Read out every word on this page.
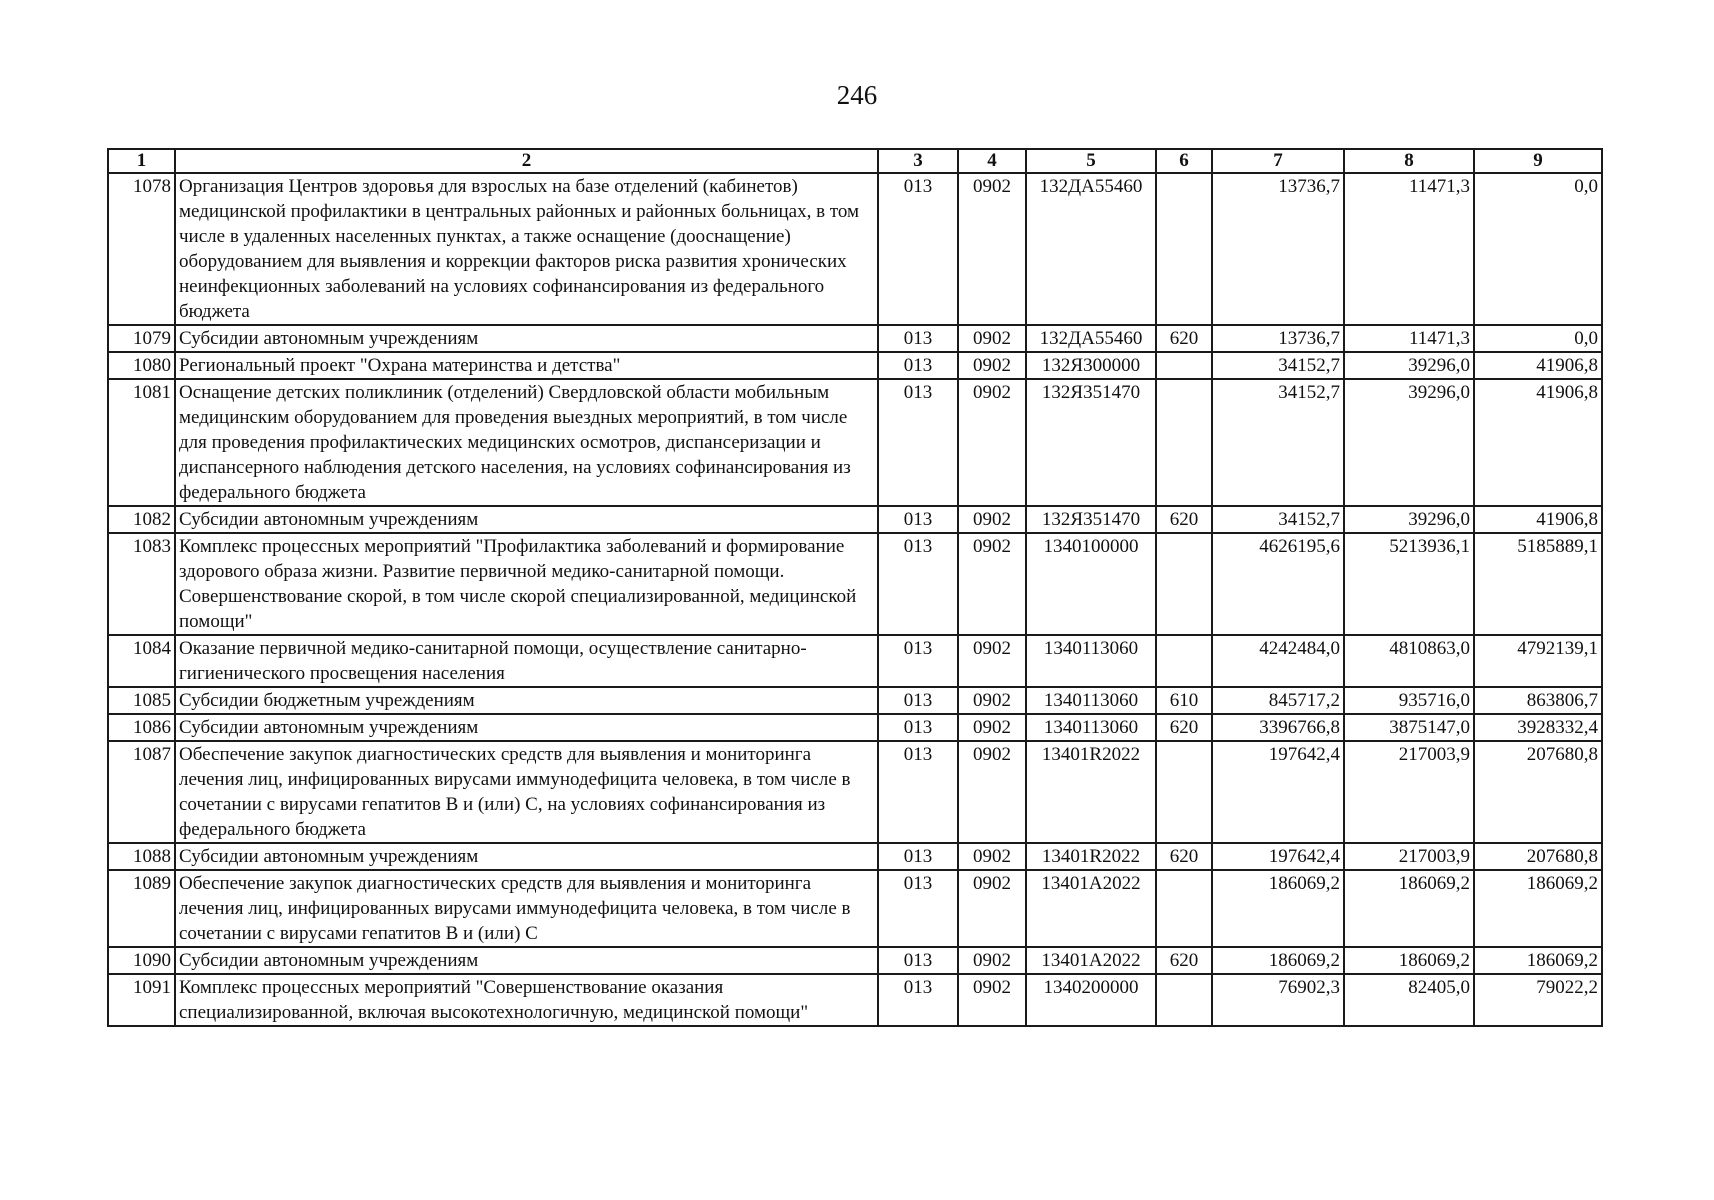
246
1	2	3	4	5	6	7	8	9
1078	Организация Центров здоровья для взрослых на базе отделений (кабинетов) медицинской профилактики в центральных районных и районных больницах, в том числе в удаленных населенных пунктах, а также оснащение (дооснащение) оборудованием для выявления и коррекции факторов риска развития хронических неинфекционных заболеваний на условиях софинансирования из федерального бюджета	013	0902	132ДА55460		13736,7	11471,3	0,0
1079	Субсидии автономным учреждениям	013	0902	132ДА55460	620	13736,7	11471,3	0,0
1080	Региональный проект "Охрана материнства и детства"	013	0902	132Я300000		34152,7	39296,0	41906,8
1081	Оснащение детских поликлиник (отделений) Свердловской области мобильным медицинским оборудованием для проведения выездных мероприятий, в том числе для проведения профилактических медицинских осмотров, диспансеризации и диспансерного наблюдения детского населения, на условиях софинансирования из федерального бюджета	013	0902	132Я351470		34152,7	39296,0	41906,8
1082	Субсидии автономным учреждениям	013	0902	132Я351470	620	34152,7	39296,0	41906,8
1083	Комплекс процессных мероприятий "Профилактика заболеваний и формирование здорового образа жизни. Развитие первичной медико-санитарной помощи. Совершенствование скорой, в том числе скорой специализированной, медицинской помощи"	013	0902	1340100000		4626195,6	5213936,1	5185889,1
1084	Оказание первичной медико-санитарной помощи, осуществление санитарно-гигиенического просвещения населения	013	0902	1340113060		4242484,0	4810863,0	4792139,1
1085	Субсидии бюджетным учреждениям	013	0902	1340113060	610	845717,2	935716,0	863806,7
1086	Субсидии автономным учреждениям	013	0902	1340113060	620	3396766,8	3875147,0	3928332,4
1087	Обеспечение закупок диагностических средств для выявления и мониторинга лечения лиц, инфицированных вирусами иммунодефицита человека, в том числе в сочетании с вирусами гепатитов В и (или) С, на условиях софинансирования из федерального бюджета	013	0902	13401R2022		197642,4	217003,9	207680,8
1088	Субсидии автономным учреждениям	013	0902	13401R2022	620	197642,4	217003,9	207680,8
1089	Обеспечение закупок диагностических средств для выявления и мониторинга лечения лиц, инфицированных вирусами иммунодефицита человека, в том числе в сочетании с вирусами гепатитов В и (или) С	013	0902	13401A2022		186069,2	186069,2	186069,2
1090	Субсидии автономным учреждениям	013	0902	13401A2022	620	186069,2	186069,2	186069,2
1091	Комплекс процессных мероприятий "Совершенствование оказания специализированной, включая высокотехнологичную, медицинской помощи"	013	0902	1340200000		76902,3	82405,0	79022,2
